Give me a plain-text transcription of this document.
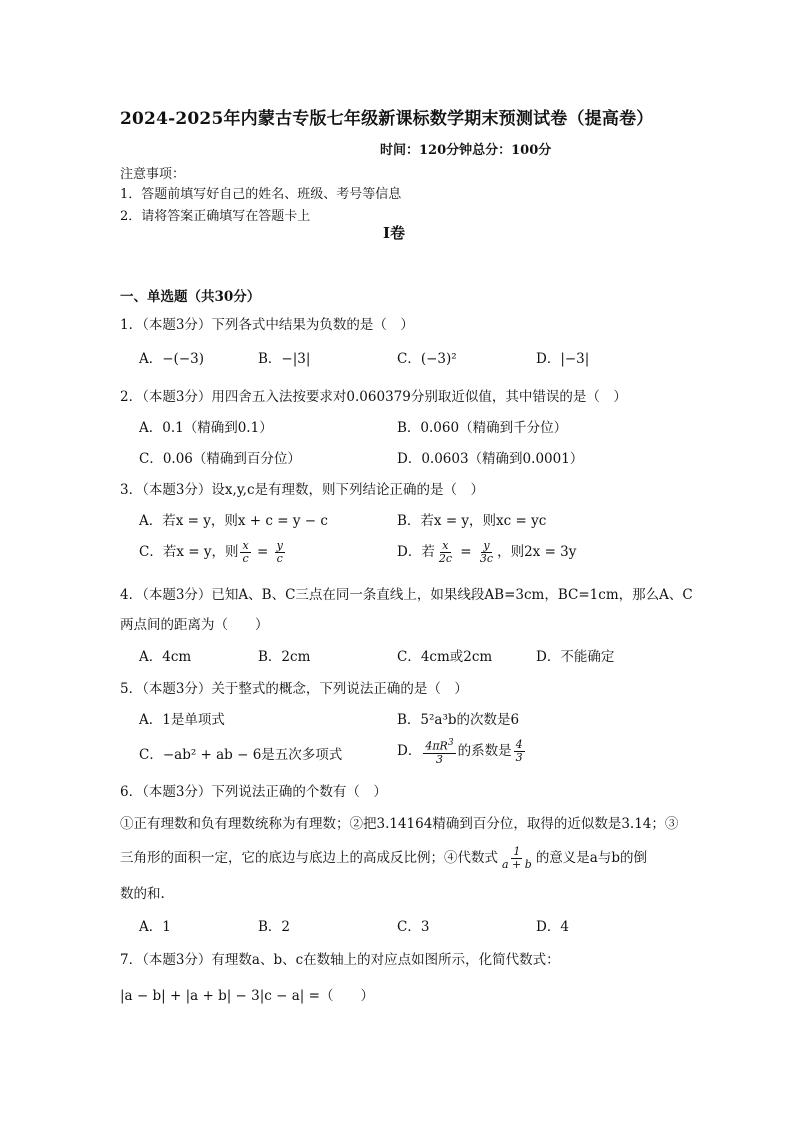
2024-2025年内蒙古专版七年级新课标数学期末预测试卷（提高卷）
时间：120分钟总分：100分
注意事项：
1．答题前填写好自己的姓名、班级、考号等信息
2．请将答案正确填写在答题卡上
I卷
一、单选题（共30分）
1．（本题3分）下列各式中结果为负数的是（　）
A．−(−3)	B．−|3|	C．(−3)²	D．|−3|
2．（本题3分）用四舍五入法按要求对0.060379分别取近似值，其中错误的是（　）
A．0.1（精确到0.1）	B．0.060（精确到千分位）
C．0.06（精确到百分位）	D．0.0603（精确到0.0001）
3．（本题3分）设x,y,c是有理数，则下列结论正确的是（　）
A．若x = y，则x + c = y − c	B．若x = y，则xc = yc
C．若x = y，则 $\frac{x}{c} = \frac{y}{c}$	D．若 $\frac{x}{2c} = \frac{y}{3c}$ ，则2x = 3y
4．（本题3分）已知A、B、C三点在同一条直线上，如果线段AB=3cm，BC=1cm，那么A、C
两点间的距离为（　　）
A．4cm	B．2cm	C．4cm或2cm	D．不能确定
5．（本题3分）关于整式的概念，下列说法正确的是（　）
A．1是单项式	B．5²a³b的次数是6
C．−ab² + ab − 6是五次多项式	D． $\frac{4\pi R^3}{3}$ 的系数是 $\frac{4}{3}$
6．（本题3分）下列说法正确的个数有（　）
①正有理数和负有理数统称为有理数；②把3.14164精确到百分位，取得的近似数是3.14；③
三角形的面积一定，它的底边与底边上的高成反比例；④代数式 $\frac{1}{a + b}$ 的意义是a与b的倒
数的和.
A．1	B．2	C．3	D．4
7．（本题3分）有理数a、b、c在数轴上的对应点如图所示，化简代数式：
|a − b| + |a + b| − 3|c − a| =（　　）
